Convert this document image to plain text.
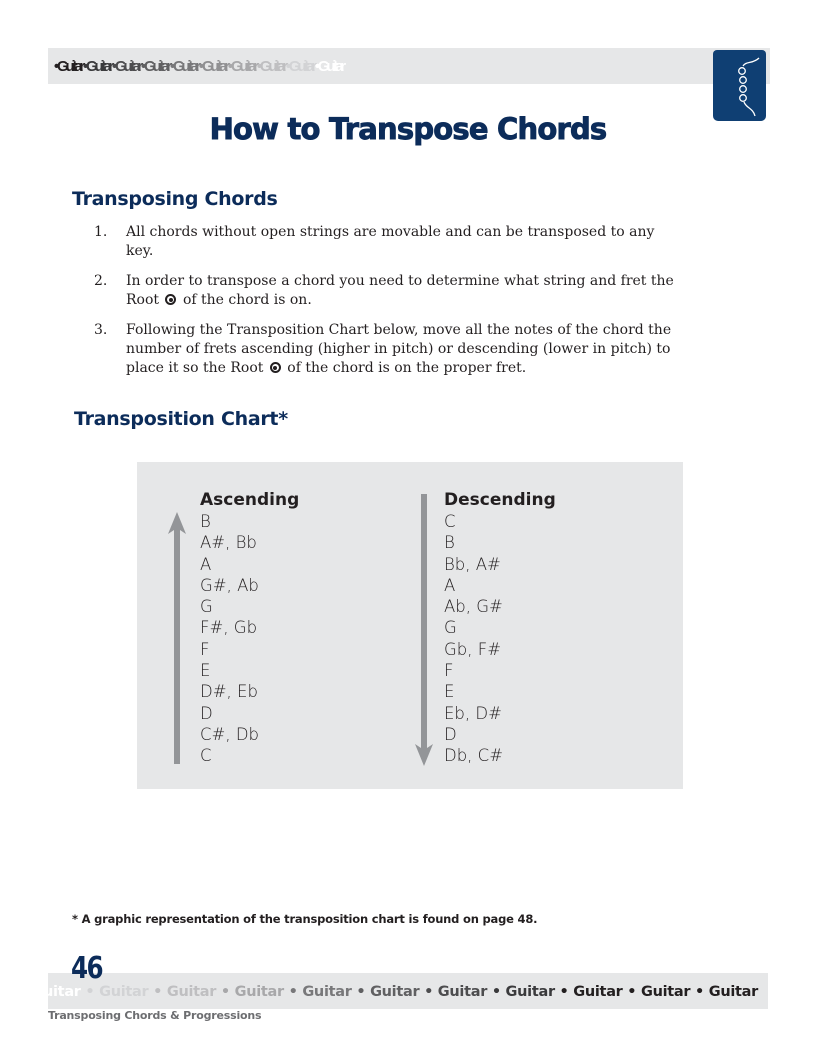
• Guitar • Guitar • Guitar • Guitar • Guitar • Guitar • Guitar • Guitar • Guitar • Guitar
How to Transpose Chords
Transposing Chords
1. All chords without open strings are movable and can be transposed to any key.
2. In order to transpose a chord you need to determine what string and fret the Root of the chord is on.
3. Following the Transposition Chart below, move all the notes of the chord the number of frets ascending (higher in pitch) or descending (lower in pitch) to place it so the Root of the chord is on the proper fret.
Transposition Chart*
Ascending
B
A#, Bb
A
G#, Ab
G
F#, Gb
F
E
D#, Eb
D
C#, Db
C
Descending
C
B
Bb, A#
A
Ab, G#
G
Gb, F#
F
E
Eb, D#
D
Db, C#
* A graphic representation of the transposition chart is found on page 48.
• Guitar • Guitar • Guitar • Guitar • Guitar • Guitar • Guitar • Guitar • Guitar • Guitar • Guitar
46
Transposing Chords & Progressions
